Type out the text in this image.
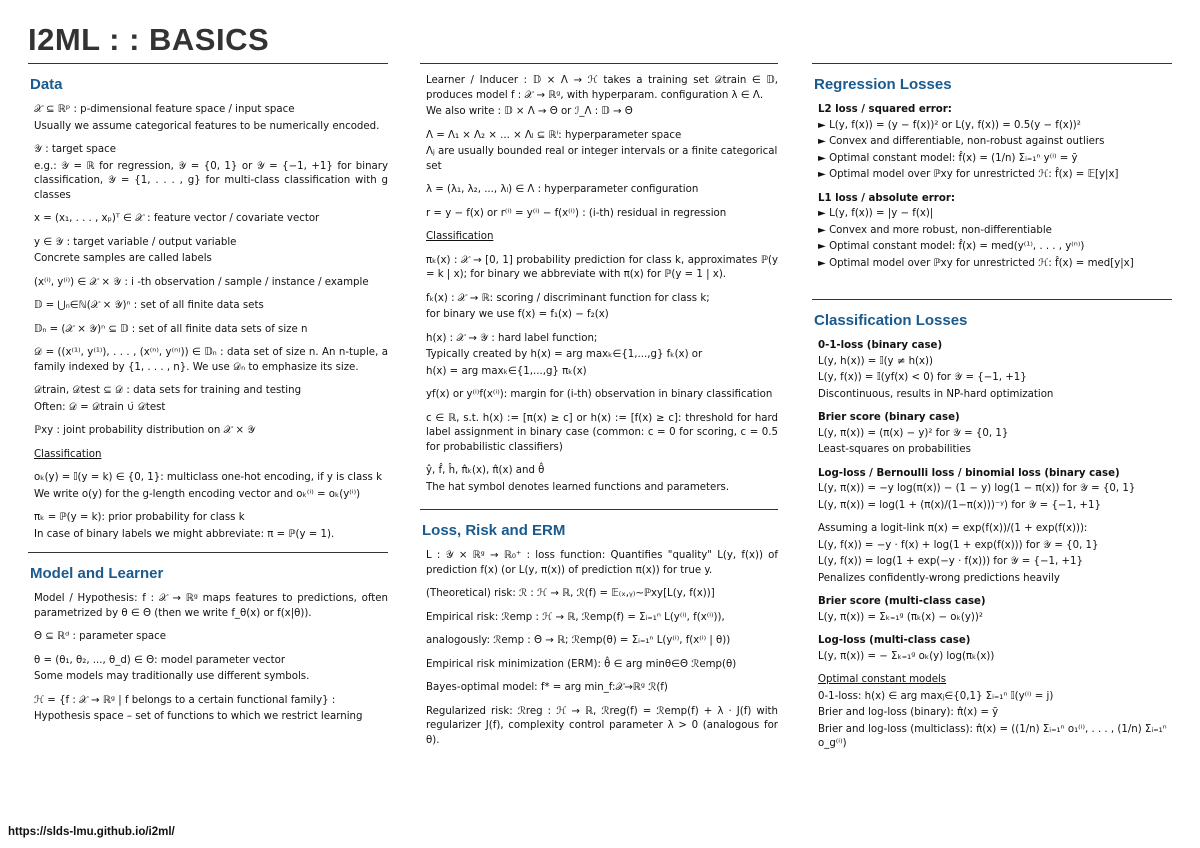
I2ML : : BASICS
Data

𝒳 ⊆ ℝᵖ : p-dimensional feature space / input space

Usually we assume categorical features to be numerically encoded.

𝒴 : target space

e.g.: 𝒴 = ℝ for regression, 𝒴 = {0, 1} or 𝒴 = {−1, +1} for binary classification, 𝒴 = {1, . . . , g} for multi-class classification with g classes

x = (x₁, . . . , xₚ)ᵀ ∈ 𝒳 : feature vector / covariate vector

y ∈ 𝒴 : target variable / output variable

Concrete samples are called labels

(x⁽ⁱ⁾, y⁽ⁱ⁾) ∈ 𝒳 × 𝒴 : i -th observation / sample / instance / example

𝔻 = ⋃ₙ∈ℕ(𝒳 × 𝒴)ⁿ : set of all finite data sets

𝔻ₙ = (𝒳 × 𝒴)ⁿ ⊆ 𝔻 : set of all finite data sets of size n

𝒟 = ((x⁽¹⁾, y⁽¹⁾), . . . , (x⁽ⁿ⁾, y⁽ⁿ⁾)) ∈ 𝔻ₙ : data set of size n. An n-tuple, a family indexed by {1, . . . , n}. We use 𝒟ₙ to emphasize its size.

𝒟train, 𝒟test ⊆ 𝒟 : data sets for training and testing

Often: 𝒟 = 𝒟train ∪̇ 𝒟test

ℙxy : joint probability distribution on 𝒳 × 𝒴

Classification

oₖ(y) = 𝕀(y = k) ∈ {0, 1}: multiclass one-hot encoding, if y is class k

We write o(y) for the g-length encoding vector and oₖ⁽ⁱ⁾ = oₖ(y⁽ⁱ⁾)

πₖ = ℙ(y = k): prior probability for class k

In case of binary labels we might abbreviate: π = ℙ(y = 1).

Model and Learner

Model / Hypothesis: f : 𝒳 → ℝᵍ maps features to predictions, often parametrized by θ ∈ Θ (then we write f_θ(x) or f(x|θ)).

Θ ⊆ ℝᵈ : parameter space

θ = (θ₁, θ₂, ..., θ_d) ∈ Θ: model parameter vector

Some models may traditionally use different symbols.

ℋ = {f : 𝒳 → ℝᵍ | f belongs to a certain functional family} :

Hypothesis space – set of functions to which we restrict learning

Learner / Inducer : 𝔻 × Λ → ℋ takes a training set 𝒟train ∈ 𝔻, produces model f : 𝒳 → ℝᵍ, with hyperparam. configuration λ ∈ Λ.

We also write : 𝔻 × Λ → Θ or ℐ_Λ : 𝔻 → Θ

Λ = Λ₁ × Λ₂ × ... × Λₗ ⊆ ℝˡ: hyperparameter space

Λⱼ are usually bounded real or integer intervals or a finite categorical set

λ = (λ₁, λ₂, ..., λₗ) ∈ Λ : hyperparameter configuration

r = y − f(x) or r⁽ⁱ⁾ = y⁽ⁱ⁾ − f(x⁽ⁱ⁾) : (i-th) residual in regression

Classification

πₖ(x) : 𝒳 → [0, 1] probability prediction for class k, approximates ℙ(y = k | x); for binary we abbreviate with π(x) for ℙ(y = 1 | x).

fₖ(x) : 𝒳 → ℝ: scoring / discriminant function for class k;

for binary we use f(x) = f₁(x) − f₂(x)

h(x) : 𝒳 → 𝒴 : hard label function;

Typically created by h(x) = arg maxₖ∈{1,...,g} fₖ(x) or

h(x) = arg maxₖ∈{1,...,g} πₖ(x)

yf(x) or y⁽ⁱ⁾f(x⁽ⁱ⁾): margin for (i-th) observation in binary classification

c ∈ ℝ, s.t. h(x) := [π(x) ≥ c] or h(x) := [f(x) ≥ c]: threshold for hard label assignment in binary case (common: c = 0 for scoring, c = 0.5 for probabilistic classifiers)

ŷ, f̂, ĥ, π̂ₖ(x), π̂(x) and θ̂

The hat symbol denotes learned functions and parameters.

Loss, Risk and ERM

L : 𝒴 × ℝᵍ → ℝ₀⁺ : loss function: Quantifies "quality" L(y, f(x)) of prediction f(x) (or L(y, π(x)) of prediction π(x)) for true y.

(Theoretical) risk: ℛ : ℋ → ℝ, ℛ(f) = 𝔼₍ₓ,ᵧ₎∼ℙxy[L(y, f(x))]

Empirical risk: ℛemp : ℋ → ℝ, ℛemp(f) = Σᵢ₌₁ⁿ L(y⁽ⁱ⁾, f(x⁽ⁱ⁾)),

analogously: ℛemp : Θ → ℝ; ℛemp(θ) = Σᵢ₌₁ⁿ L(y⁽ⁱ⁾, f(x⁽ⁱ⁾ | θ))

Empirical risk minimization (ERM): θ̂ ∈ arg minθ∈Θ ℛemp(θ)

Bayes-optimal model: f* = arg min_f:𝒳→ℝᵍ ℛ(f)

Regularized risk: ℛreg : ℋ → ℝ, ℛreg(f) = ℛemp(f) + λ · J(f) with regularizer J(f), complexity control parameter λ > 0 (analogous for θ).

Regression Losses

L2 loss / squared error:

► L(y, f(x)) = (y − f(x))² or L(y, f(x)) = 0.5(y − f(x))²

► Convex and differentiable, non-robust against outliers

► Optimal constant model: f̂(x) = (1/n) Σᵢ₌₁ⁿ y⁽ⁱ⁾ = ȳ

► Optimal model over ℙxy for unrestricted ℋ: f̂(x) = 𝔼[y|x]

L1 loss / absolute error:

► L(y, f(x)) = |y − f(x)|

► Convex and more robust, non-differentiable

► Optimal constant model: f̂(x) = med(y⁽¹⁾, . . . , y⁽ⁿ⁾)

► Optimal model over ℙxy for unrestricted ℋ: f̂(x) = med[y|x]

Classification Losses

0-1-loss (binary case)

L(y, h(x)) = 𝕀(y ≠ h(x))

L(y, f(x)) = 𝕀(yf(x) < 0) for 𝒴 = {−1, +1}

Discontinuous, results in NP-hard optimization

Brier score (binary case)

L(y, π(x)) = (π(x) − y)² for 𝒴 = {0, 1}

Least-squares on probabilities

Log-loss / Bernoulli loss / binomial loss (binary case)

L(y, π(x)) = −y log(π(x)) − (1 − y) log(1 − π(x)) for 𝒴 = {0, 1}

L(y, π(x)) = log(1 + (π(x)/(1−π(x)))⁻ʸ) for 𝒴 = {−1, +1}

Assuming a logit-link π(x) = exp(f(x))/(1 + exp(f(x))):

L(y, f(x)) = −y · f(x) + log(1 + exp(f(x))) for 𝒴 = {0, 1}

L(y, f(x)) = log(1 + exp(−y · f(x))) for 𝒴 = {−1, +1}

Penalizes confidently-wrong predictions heavily

Brier score (multi-class case)

L(y, π(x)) = Σₖ₌₁ᵍ (πₖ(x) − oₖ(y))²

Log-loss (multi-class case)

L(y, π(x)) = − Σₖ₌₁ᵍ oₖ(y) log(πₖ(x))

Optimal constant models

0-1-loss: h(x) ∈ arg maxⱼ∈{0,1} Σᵢ₌₁ⁿ 𝕀(y⁽ⁱ⁾ = j)

Brier and log-loss (binary): π̂(x) = ȳ

Brier and log-loss (multiclass): π̂(x) = ((1/n) Σᵢ₌₁ⁿ o₁⁽ⁱ⁾, . . . , (1/n) Σᵢ₌₁ⁿ o_g⁽ⁱ⁾)

https://slds-lmu.github.io/i2ml/
